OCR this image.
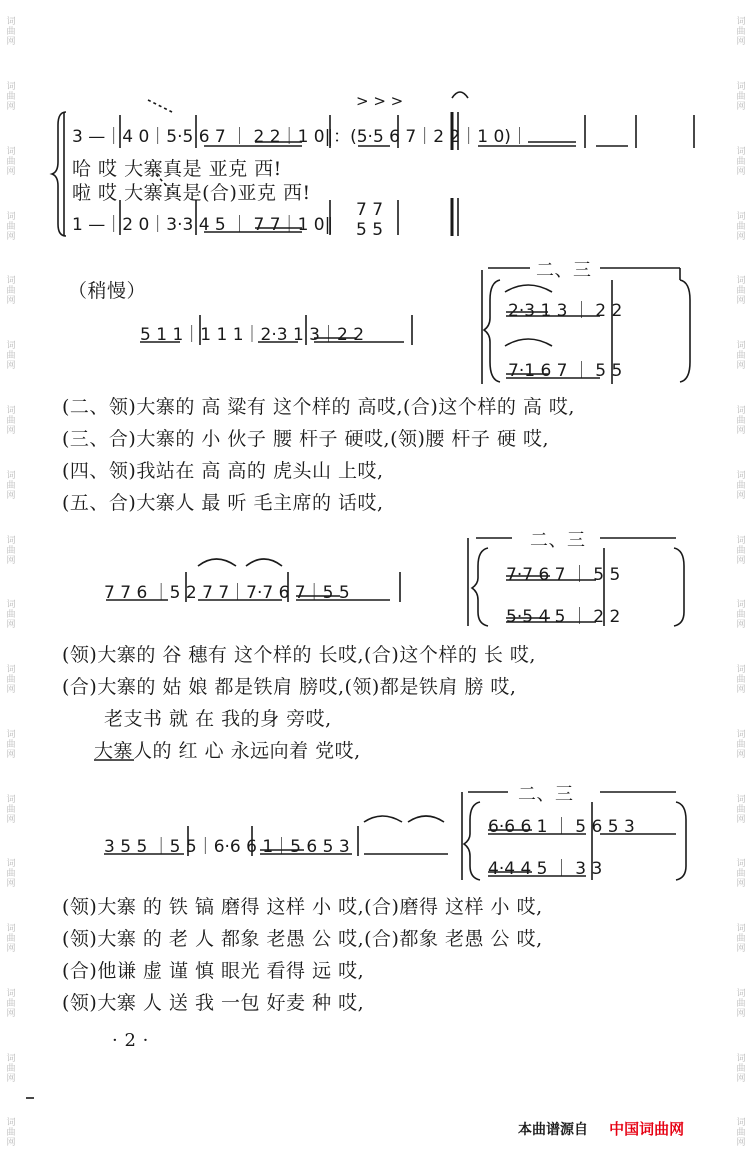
词曲网
词曲网
词曲网
词曲网
词曲网
词曲网
词曲网
词曲网
词曲网
词曲网
词曲网
词曲网
词曲网
词曲网
词曲网
词曲网
词曲网
词曲网
词曲网
词曲网
词曲网
词曲网
词曲网
词曲网
词曲网
词曲网
词曲网
词曲网
词曲网
词曲网
词曲网
词曲网
词曲网
词曲网
词曲网
词曲网
> > >
3 —｜4 0｜5·5 6 7 ｜ 2 2｜1 0‖：(5·5 6 7｜2 2｜1 0)｜
哈 哎 大寨真是 亚克 西!
啦 哎 大寨真是(合)亚克 西!
7 7
1 —｜2 0｜3·3 4 5 ｜ 7 7｜1 0‖ 5 5
（稍慢）
二、三
5 1 1｜1 1 1｜2·3 1 3｜2 2
2·3 1 3 ｜ 2 2
7·1 6 7 ｜ 5 5
(二、领)大寨的 高 粱有 这个样的 高哎,(合)这个样的 高 哎,
(三、合)大寨的 小 伙子 腰 杆子 硬哎,(领)腰 杆子 硬 哎,
(四、领)我站在 高 高的 虎头山 上哎,
(五、合)大寨人 最 听 毛主席的 话哎,
二、三
7 7 6 ｜5 2 7 7｜7·7 6 7｜5 5
7·7 6 7 ｜ 5 5
5·5 4 5 ｜ 2 2
(领)大寨的 谷 穗有 这个样的 长哎,(合)这个样的 长 哎,
(合)大寨的 姑 娘 都是铁肩 膀哎,(领)都是铁肩 膀 哎,
老支书 就 在 我的身 旁哎,
大寨人的 红 心 永远向着 党哎,
二、三
3 5 5 ｜5 5｜6·6 6 1｜5 6 5 3
6·6 6 1 ｜ 5 6 5 3
4·4 4 5 ｜ 3 3
(领)大寨 的 铁 镐 磨得 这样 小 哎,(合)磨得 这样 小 哎,
(领)大寨 的 老 人 都象 老愚 公 哎,(合)都象 老愚 公 哎,
(合)他谦 虚 谨 慎 眼光 看得 远 哎,
(领)大寨 人 送 我 一包 好麦 种 哎,
· 2 ·
本曲谱源自 中国词曲网
